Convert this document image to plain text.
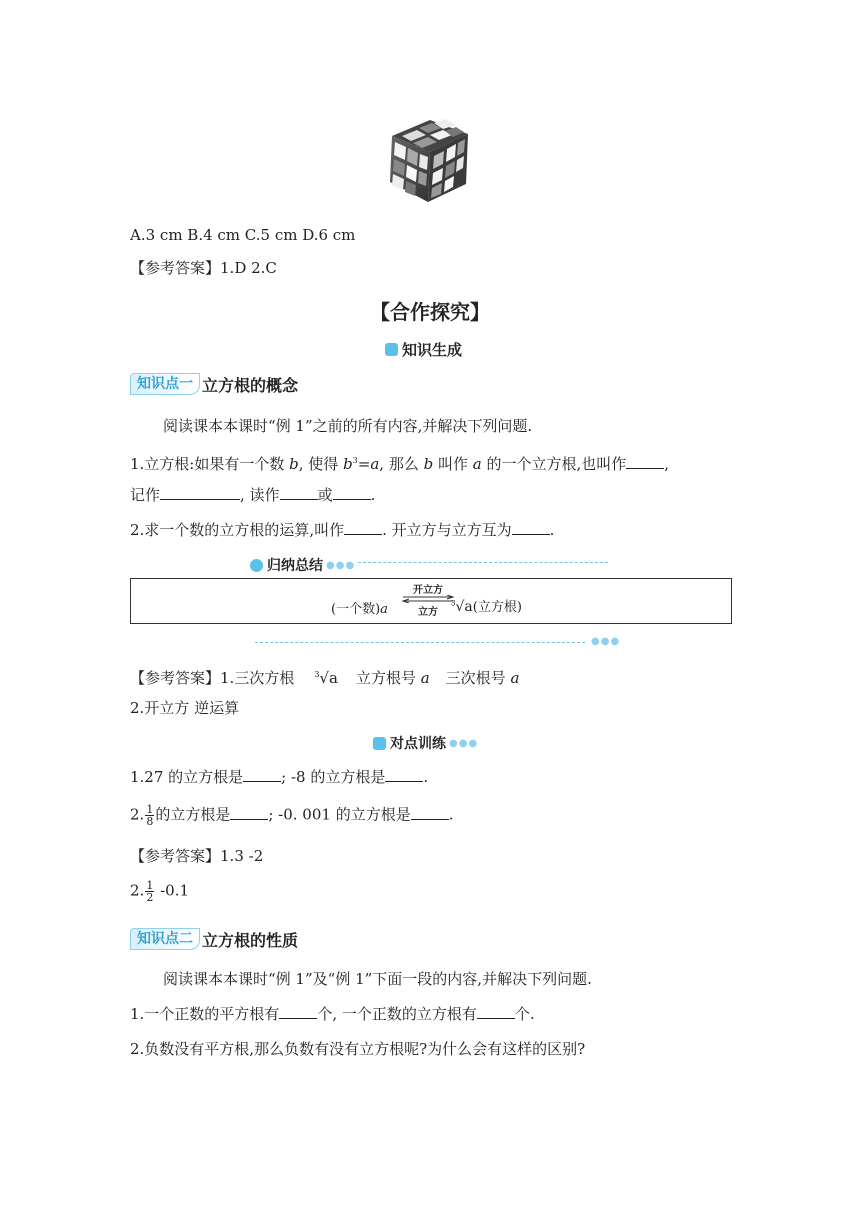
A.3 cm B.4 cm C.5 cm D.6 cm
【参考答案】1.D 2.C
【合作探究】
知识生成
知识点一 立方根的概念
阅读课本本课时“例 1”之前的所有内容,并解决下列问题.
1.立方根:如果有一个数 b, 使得 $b^3=a$, 那么 b 叫作 a 的一个立方根,也叫作	,
记作	, 读作	或	.
2.求一个数的立方根的运算,叫作	. 开立方与立方互为	.
归纳总结 ●●●
(一个数)a
开立方
立方
$^3$√a(立方根)
●●●
【参考答案】1.三次方根	$^3$√a 立方根号 a 三次根号 a
2.开立方 逆运算
对点训练 ●●●
1.27 的立方根是	; -8 的立方根是	.
2. $\frac{1}{8}$ 的立方根是	; -0. 001 的立方根是	.
【参考答案】1.3 -2
2. $\frac{1}{2} -0.1$
知识点二 立方根的性质
阅读课本本课时“例 1”及“例 1”下面一段的内容,并解决下列问题.
1.一个正数的平方根有	个, 一个正数的立方根有	个.
2.负数没有平方根,那么负数有没有立方根呢?为什么会有这样的区别?
